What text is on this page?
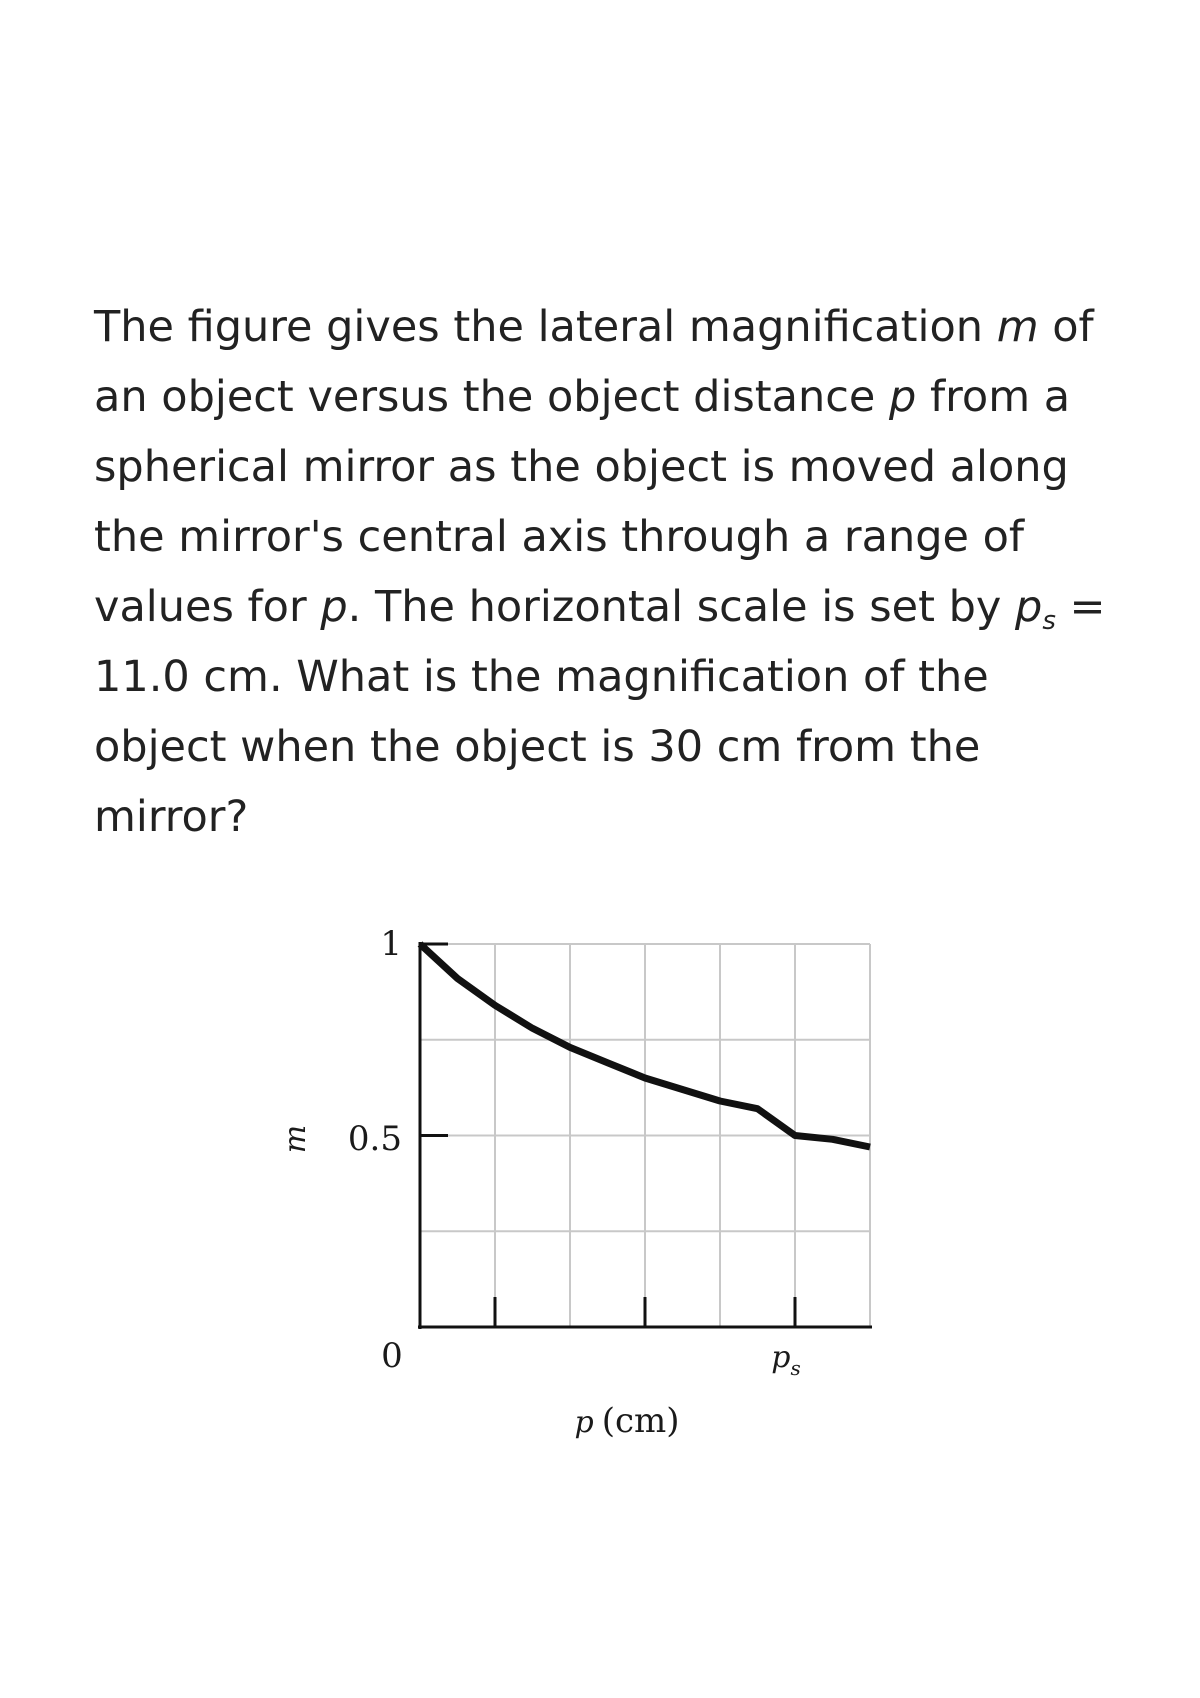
The figure gives the lateral magnification m of an object versus the object distance p from a spherical mirror as the object is moved along the mirror's central axis through a range of values for p. The horizontal scale is set by $p_s = 11.0$ cm. What is the magnification of the object when the object is 30 cm from the mirror?

1
0.5
m
0	ps
p (cm)
